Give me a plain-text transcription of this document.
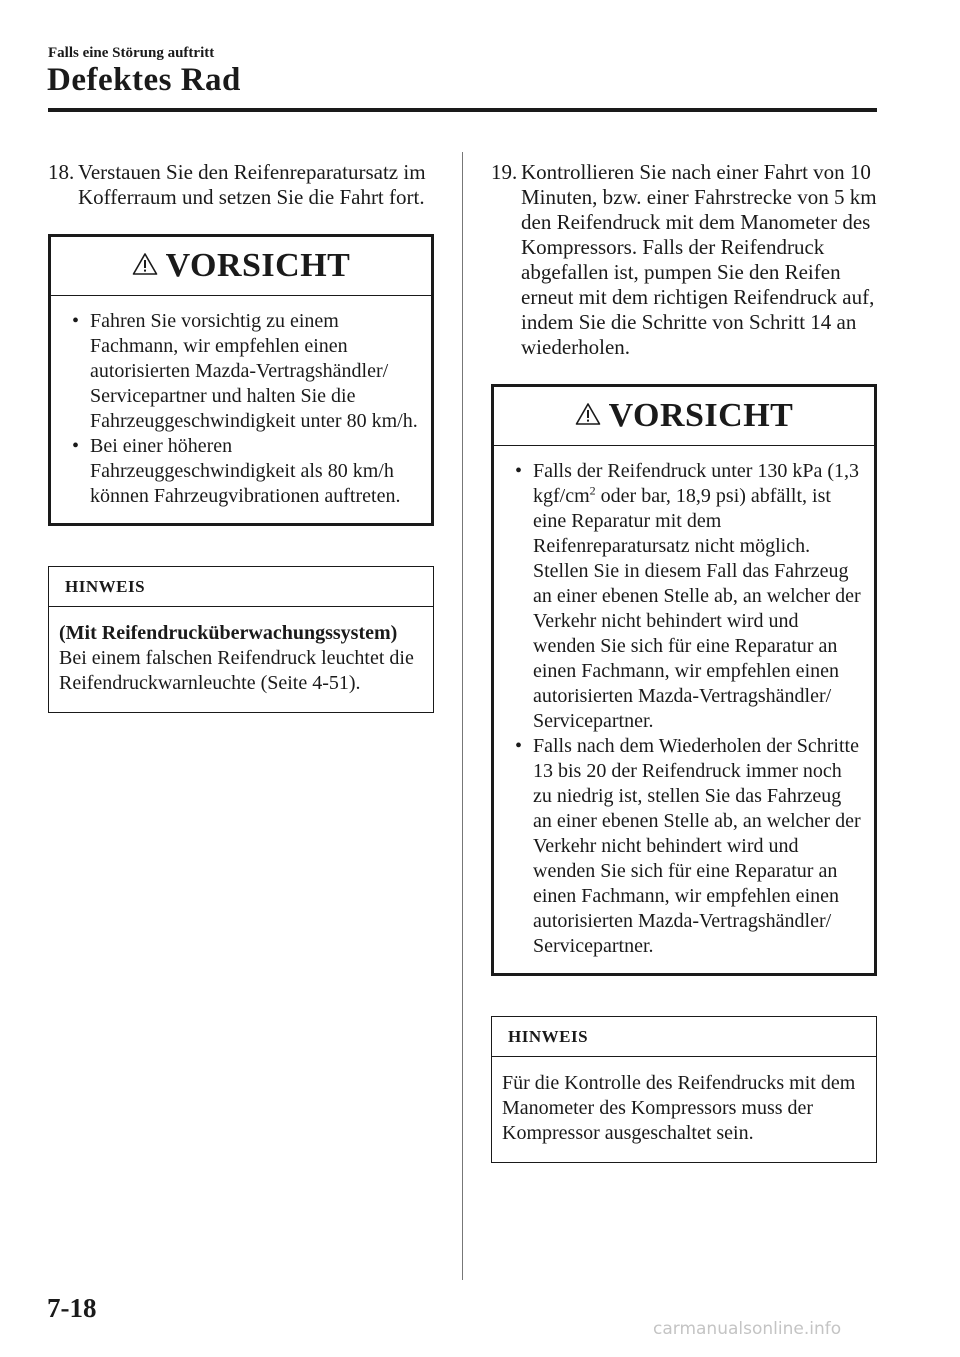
Falls eine Störung auftritt
Defektes Rad
18. Verstauen Sie den Reifenreparatursatz im Kofferraum und setzen Sie die Fahrt fort.
VORSICHT
• Fahren Sie vorsichtig zu einem Fachmann, wir empfehlen einen autorisierten Mazda-Vertragshändler/ Servicepartner und halten Sie die Fahrzeuggeschwindigkeit unter 80 km/h.
• Bei einer höheren Fahrzeuggeschwindigkeit als 80 km/h können Fahrzeugvibrationen auftreten.
HINWEIS
(Mit Reifendrucküberwachungssystem)
Bei einem falschen Reifendruck leuchtet die Reifendruckwarnleuchte (Seite 4-51).
19. Kontrollieren Sie nach einer Fahrt von 10 Minuten, bzw. einer Fahrstrecke von 5 km den Reifendruck mit dem Manometer des Kompressors. Falls der Reifendruck abgefallen ist, pumpen Sie den Reifen erneut mit dem richtigen Reifendruck auf, indem Sie die Schritte von Schritt 14 an wiederholen.
VORSICHT
• Falls der Reifendruck unter 130 kPa (1,3 kgf/$cm^2$ oder bar, 18,9 psi) abfällt, ist eine Reparatur mit dem Reifenreparatursatz nicht möglich. Stellen Sie in diesem Fall das Fahrzeug an einer ebenen Stelle ab, an welcher der Verkehr nicht behindert wird und wenden Sie sich für eine Reparatur an einen Fachmann, wir empfehlen einen autorisierten Mazda-Vertragshändler/ Servicepartner.
• Falls nach dem Wiederholen der Schritte 13 bis 20 der Reifendruck immer noch zu niedrig ist, stellen Sie das Fahrzeug an einer ebenen Stelle ab, an welcher der Verkehr nicht behindert wird und wenden Sie sich für eine Reparatur an einen Fachmann, wir empfehlen einen autorisierten Mazda-Vertragshändler/ Servicepartner.
HINWEIS
Für die Kontrolle des Reifendrucks mit dem Manometer des Kompressors muss der Kompressor ausgeschaltet sein.
7-18
carmanualsonline.info
